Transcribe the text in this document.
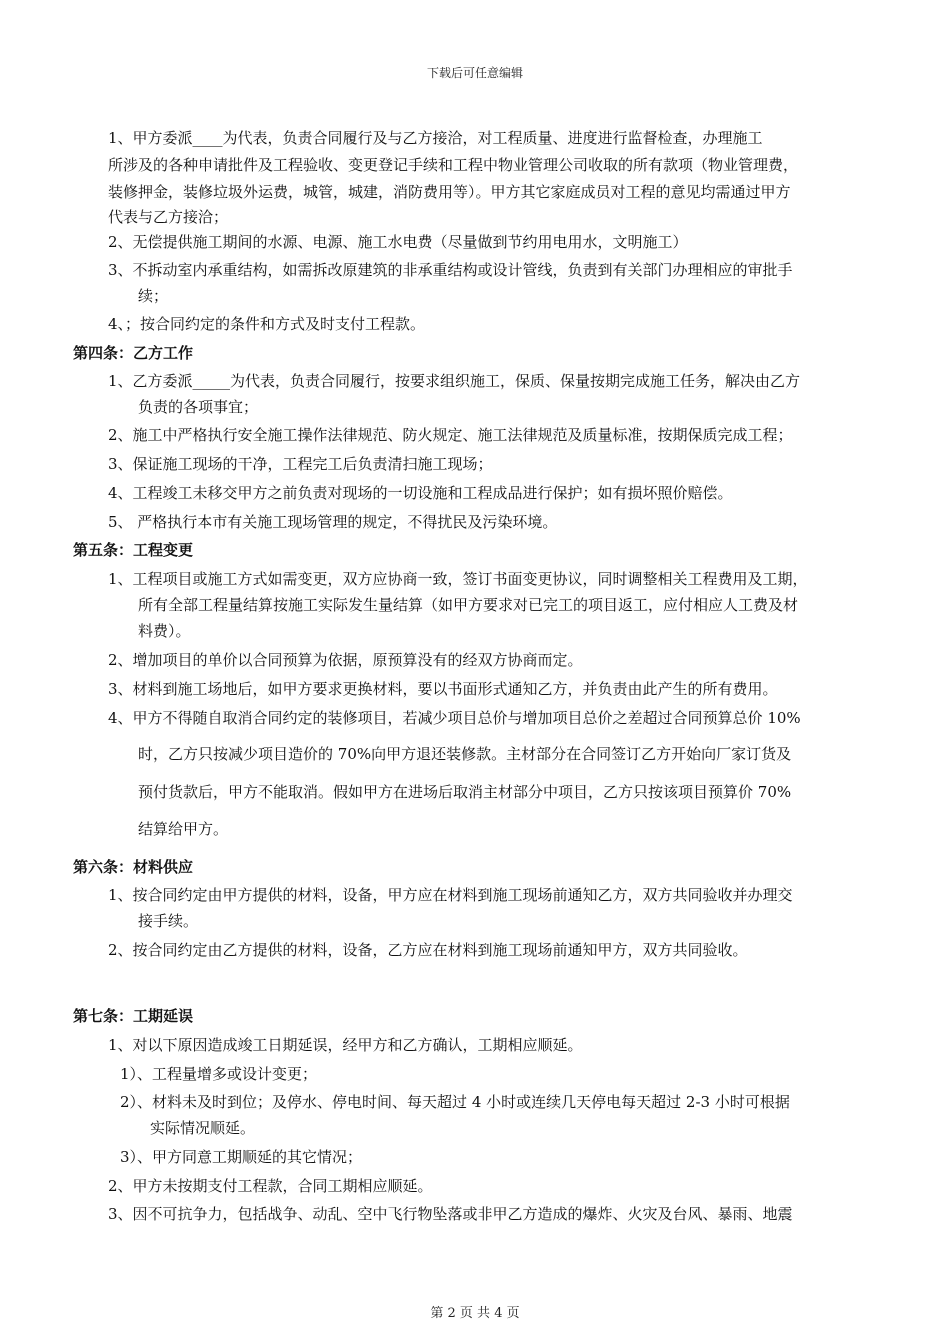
下载后可任意编辑
1、甲方委派____为代表，负责合同履行及与乙方接洽，对工程质量、进度进行监督检查，办理施工
所涉及的各种申请批件及工程验收、变更登记手续和工程中物业管理公司收取的所有款项（物业管理费，
装修押金，装修垃圾外运费，城管，城建，消防费用等）。甲方其它家庭成员对工程的意见均需通过甲方
代表与乙方接洽；
2、无偿提供施工期间的水源、电源、施工水电费（尽量做到节约用电用水，文明施工）
3、不拆动室内承重结构，如需拆改原建筑的非承重结构或设计管线，负责到有关部门办理相应的审批手
续；
4、；按合同约定的条件和方式及时支付工程款。
第四条：乙方工作
1、乙方委派_____为代表，负责合同履行，按要求组织施工，保质、保量按期完成施工任务，解决由乙方
负责的各项事宜；
2、施工中严格执行安全施工操作法律规范、防火规定、施工法律规范及质量标准，按期保质完成工程；
3、保证施工现场的干净，工程完工后负责清扫施工现场；
4、工程竣工未移交甲方之前负责对现场的一切设施和工程成品进行保护；如有损坏照价赔偿。
5、 严格执行本市有关施工现场管理的规定，不得扰民及污染环境。
第五条：工程变更
1、工程项目或施工方式如需变更，双方应协商一致，签订书面变更协议，同时调整相关工程费用及工期，
所有全部工程量结算按施工实际发生量结算（如甲方要求对已完工的项目返工，应付相应人工费及材
料费）。
2、增加项目的单价以合同预算为依据，原预算没有的经双方协商而定。
3、材料到施工场地后，如甲方要求更换材料，要以书面形式通知乙方，并负责由此产生的所有费用。
4、甲方不得随自取消合同约定的装修项目，若减少项目总价与增加项目总价之差超过合同预算总价 10%
时，乙方只按减少项目造价的 70%向甲方退还装修款。主材部分在合同签订乙方开始向厂家订货及
预付货款后，甲方不能取消。假如甲方在进场后取消主材部分中项目，乙方只按该项目预算价 70%
结算给甲方。
第六条：材料供应
1、按合同约定由甲方提供的材料，设备，甲方应在材料到施工现场前通知乙方，双方共同验收并办理交
接手续。
2、按合同约定由乙方提供的材料，设备，乙方应在材料到施工现场前通知甲方，双方共同验收。
第七条：工期延误
1、对以下原因造成竣工日期延误，经甲方和乙方确认，工期相应顺延。
1）、工程量增多或设计变更；
2）、材料未及时到位；及停水、停电时间、每天超过 4 小时或连续几天停电每天超过 2-3 小时可根据
实际情况顺延。
3）、甲方同意工期顺延的其它情况；
2、甲方未按期支付工程款，合同工期相应顺延。
3、因不可抗争力，包括战争、动乱、空中飞行物坠落或非甲乙方造成的爆炸、火灾及台风、暴雨、地震
第 2 页 共 4 页
